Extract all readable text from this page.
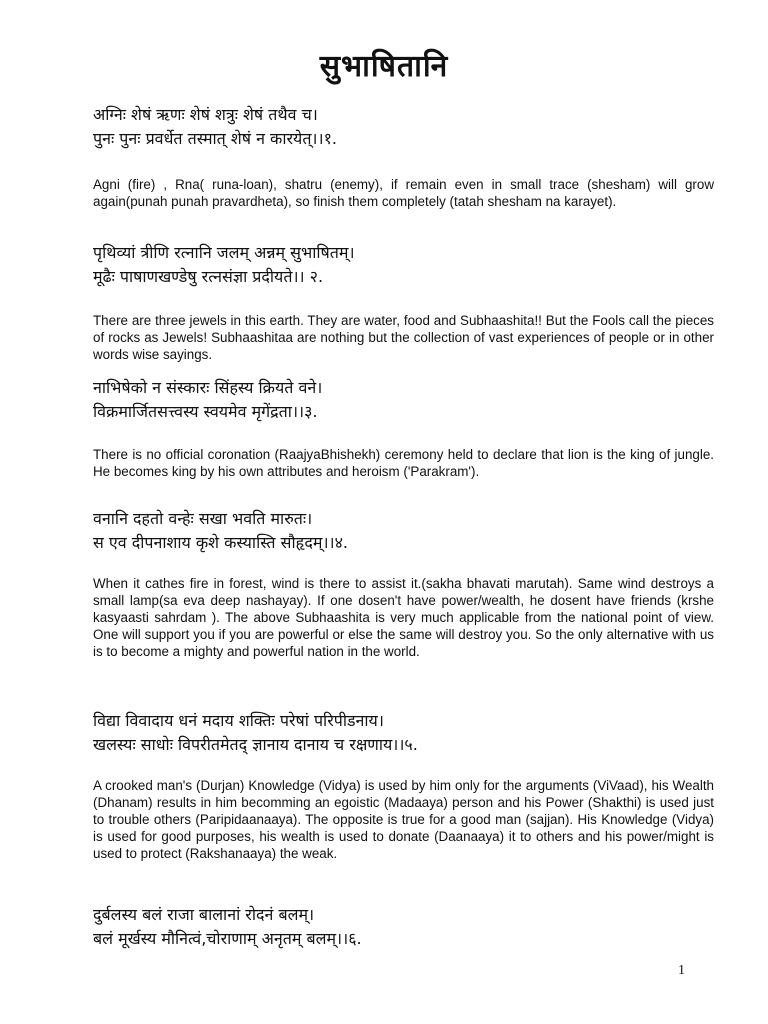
सुभाषितानि
अग्निः शेषं ऋणः शेषं शत्रुः शेषं तथैव च।
पुनः पुनः प्रवर्धेत तस्मात् शेषं न कारयेत्।।१.
Agni (fire) , Rna( runa-loan), shatru (enemy), if remain even in small trace (shesham) will grow again(punah punah pravardheta), so finish them completely (tatah shesham na karayet).
पृथिव्यां त्रीणि रत्नानि जलम् अन्नम् सुभाषितम्।
मूढैः पाषाणखण्डेषु रत्नसंज्ञा प्रदीयते।। २.
There are three jewels in this earth. They are water, food and Subhaashita!! But the Fools call the pieces of rocks as Jewels! Subhaashitaa are nothing but the collection of vast experiences of people or in other words wise sayings.
नाभिषेको न संस्कारः सिंहस्य क्रियते वने।
विक्रमार्जितसत्त्वस्य स्वयमेव मृगेंद्रता।।३.
There is no official coronation (RaajyaBhishekh) ceremony held to declare that lion is the king of jungle. He becomes king by his own attributes and heroism ('Parakram').
वनानि दहतो वन्हेः सखा भवति मारुतः।
स एव दीपनाशाय कृशे कस्यास्ति सौहृदम्।।४.
When it cathes fire in forest, wind is there to assist it.(sakha bhavati marutah). Same wind destroys a small lamp(sa eva deep nashayay). If one dosen't have power/wealth, he dosent have friends (krshe kasyaasti sahrdam ). The above Subhaashita is very much applicable from the national point of view. One will support you if you are powerful or else the same will destroy you. So the only alternative with us is to become a mighty and powerful nation in the world.
विद्या विवादाय धनं मदाय शक्तिः परेषां परिपीडनाय।
खलस्यः साधोः विपरीतमेतद् ज्ञानाय दानाय च रक्षणाय।।५.
A crooked man's (Durjan) Knowledge (Vidya) is used by him only for the arguments (ViVaad), his Wealth (Dhanam) results in him becomming an egoistic (Madaaya) person and his Power (Shakthi) is used just to trouble others (Paripidaanaaya). The opposite is true for a good man (sajjan). His Knowledge (Vidya) is used for good purposes, his wealth is used to donate (Daanaaya) it to others and his power/might is used to protect (Rakshanaaya) the weak.
दुर्बलस्य बलं राजा बालानां रोदनं बलम्।
बलं मूर्खस्य मौनित्वं,चोराणाम् अनृतम् बलम्।।६.
1
